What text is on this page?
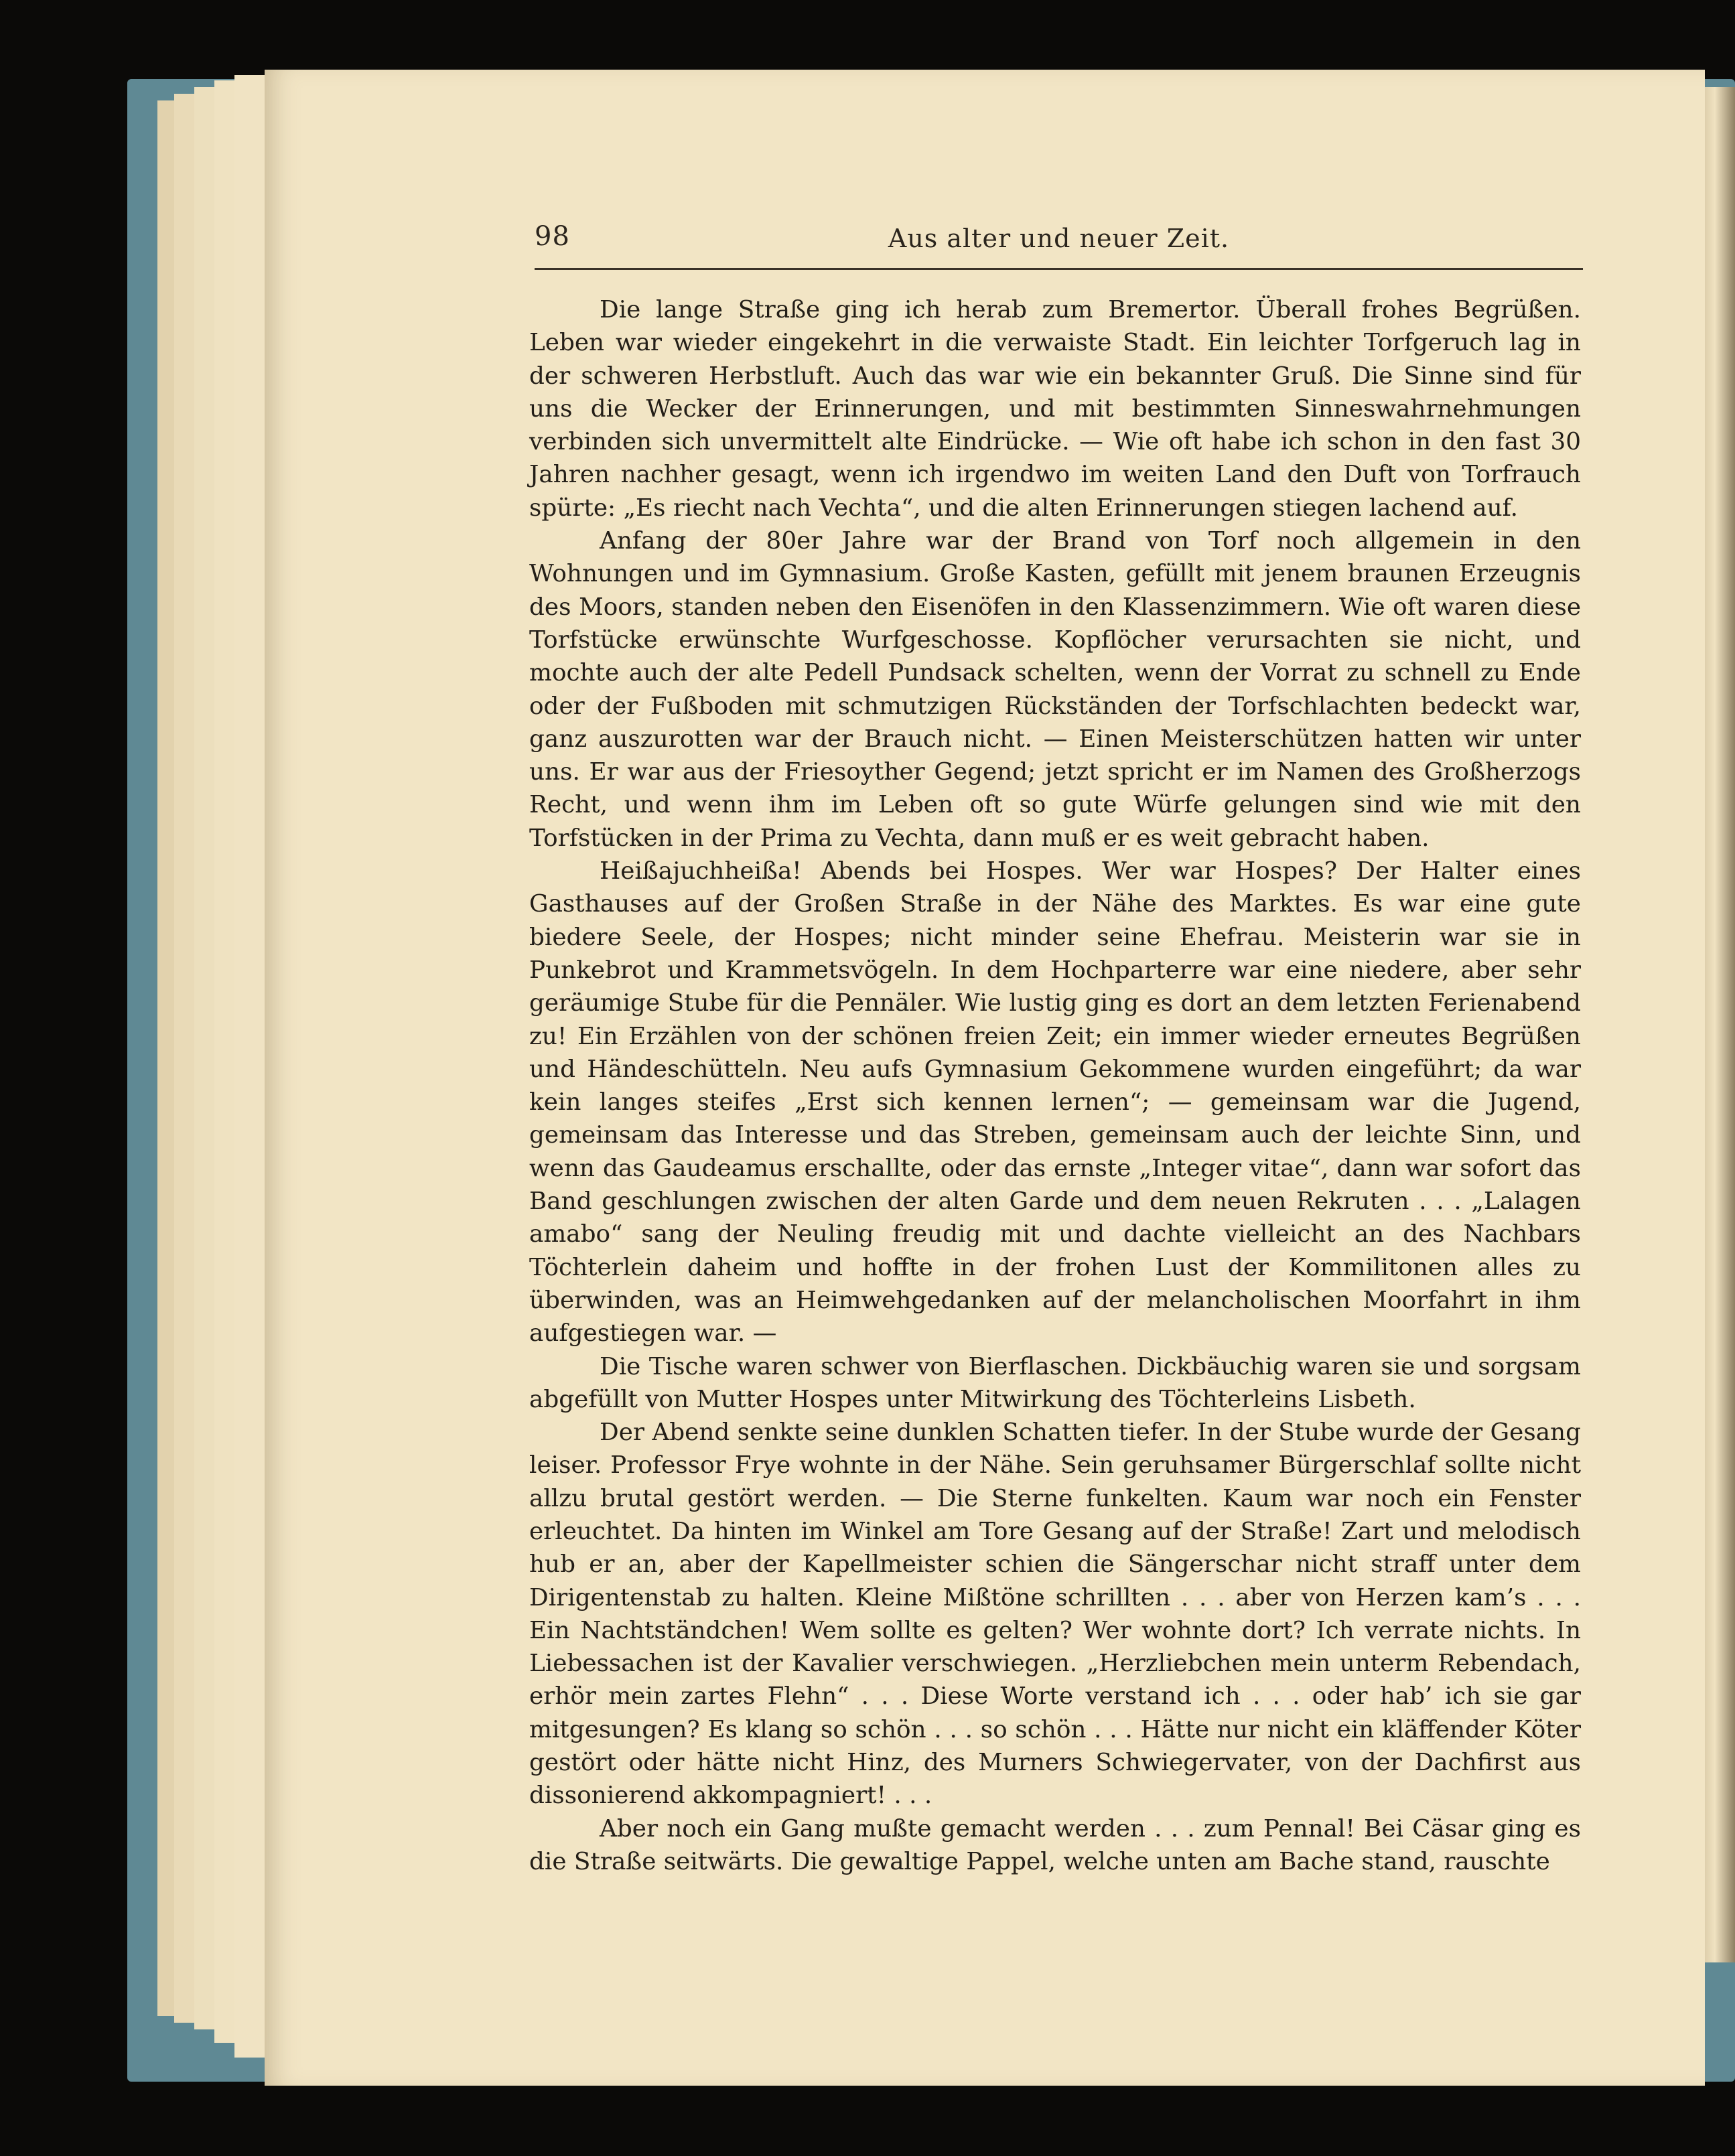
98	Aus alter und neuer Zeit.

Die lange Straße ging ich herab zum Bremertor. Überall frohes Begrüßen. Leben war wieder eingekehrt in die verwaiste Stadt. Ein leichter Torfgeruch lag in der schweren Herbstluft. Auch das war wie ein bekannter Gruß. Die Sinne sind für uns die Wecker der Erinnerungen, und mit bestimmten Sinneswahrnehmungen verbinden sich unvermittelt alte Eindrücke. — Wie oft habe ich schon in den fast 30 Jahren nachher gesagt, wenn ich irgendwo im weiten Land den Duft von Torfrauch spürte: „Es riecht nach Vechta“, und die alten Erinnerungen stiegen lachend auf.

Anfang der 80er Jahre war der Brand von Torf noch allgemein in den Wohnungen und im Gymnasium. Große Kasten, gefüllt mit jenem braunen Erzeugnis des Moors, standen neben den Eisenöfen in den Klassenzimmern. Wie oft waren diese Torfstücke erwünschte Wurfgeschosse. Kopflöcher verursachten sie nicht, und mochte auch der alte Pedell Pundsack schelten, wenn der Vorrat zu schnell zu Ende oder der Fußboden mit schmutzigen Rückständen der Torfschlachten bedeckt war, ganz auszurotten war der Brauch nicht. — Einen Meisterschützen hatten wir unter uns. Er war aus der Friesoyther Gegend; jetzt spricht er im Namen des Großherzogs Recht, und wenn ihm im Leben oft so gute Würfe gelungen sind wie mit den Torfstücken in der Prima zu Vechta, dann muß er es weit gebracht haben.

Heißajuchheißa! Abends bei Hospes. Wer war Hospes? Der Halter eines Gasthauses auf der Großen Straße in der Nähe des Marktes. Es war eine gute biedere Seele, der Hospes; nicht minder seine Ehefrau. Meisterin war sie in Punkebrot und Krammetsvögeln. In dem Hochparterre war eine niedere, aber sehr geräumige Stube für die Pennäler. Wie lustig ging es dort an dem letzten Ferienabend zu! Ein Erzählen von der schönen freien Zeit; ein immer wieder erneutes Begrüßen und Händeschütteln. Neu aufs Gymnasium Gekommene wurden eingeführt; da war kein langes steifes „Erst sich kennen lernen“; — gemeinsam war die Jugend, gemeinsam das Interesse und das Streben, gemeinsam auch der leichte Sinn, und wenn das Gaudeamus erschallte, oder das ernste „Integer vitae“, dann war sofort das Band geschlungen zwischen der alten Garde und dem neuen Rekruten . . . „Lalagen amabo“ sang der Neuling freudig mit und dachte vielleicht an des Nachbars Töchterlein daheim und hoffte in der frohen Lust der Kommilitonen alles zu überwinden, was an Heimwehgedanken auf der melancholischen Moorfahrt in ihm aufgestiegen war. —

Die Tische waren schwer von Bierflaschen. Dickbäuchig waren sie und sorgsam abgefüllt von Mutter Hospes unter Mitwirkung des Töchterleins Lisbeth.

Der Abend senkte seine dunklen Schatten tiefer. In der Stube wurde der Gesang leiser. Professor Frye wohnte in der Nähe. Sein geruhsamer Bürgerschlaf sollte nicht allzu brutal gestört werden. — Die Sterne funkelten. Kaum war noch ein Fenster erleuchtet. Da hinten im Winkel am Tore Gesang auf der Straße! Zart und melodisch hub er an, aber der Kapellmeister schien die Sängerschar nicht straff unter dem Dirigentenstab zu halten. Kleine Mißtöne schrillten . . . aber von Herzen kam’s . . . Ein Nachtständchen! Wem sollte es gelten? Wer wohnte dort? Ich verrate nichts. In Liebessachen ist der Kavalier verschwiegen. „Herzliebchen mein unterm Rebendach, erhör mein zartes Flehn“ . . . Diese Worte verstand ich . . . oder hab’ ich sie gar mitgesungen? Es klang so schön . . . so schön . . . Hätte nur nicht ein kläffender Köter gestört oder hätte nicht Hinz, des Murners Schwiegervater, von der Dachfirst aus dissonierend akkompagniert! . . .

Aber noch ein Gang mußte gemacht werden . . . zum Pennal! Bei Cäsar ging es die Straße seitwärts. Die gewaltige Pappel, welche unten am Bache stand, rauschte
